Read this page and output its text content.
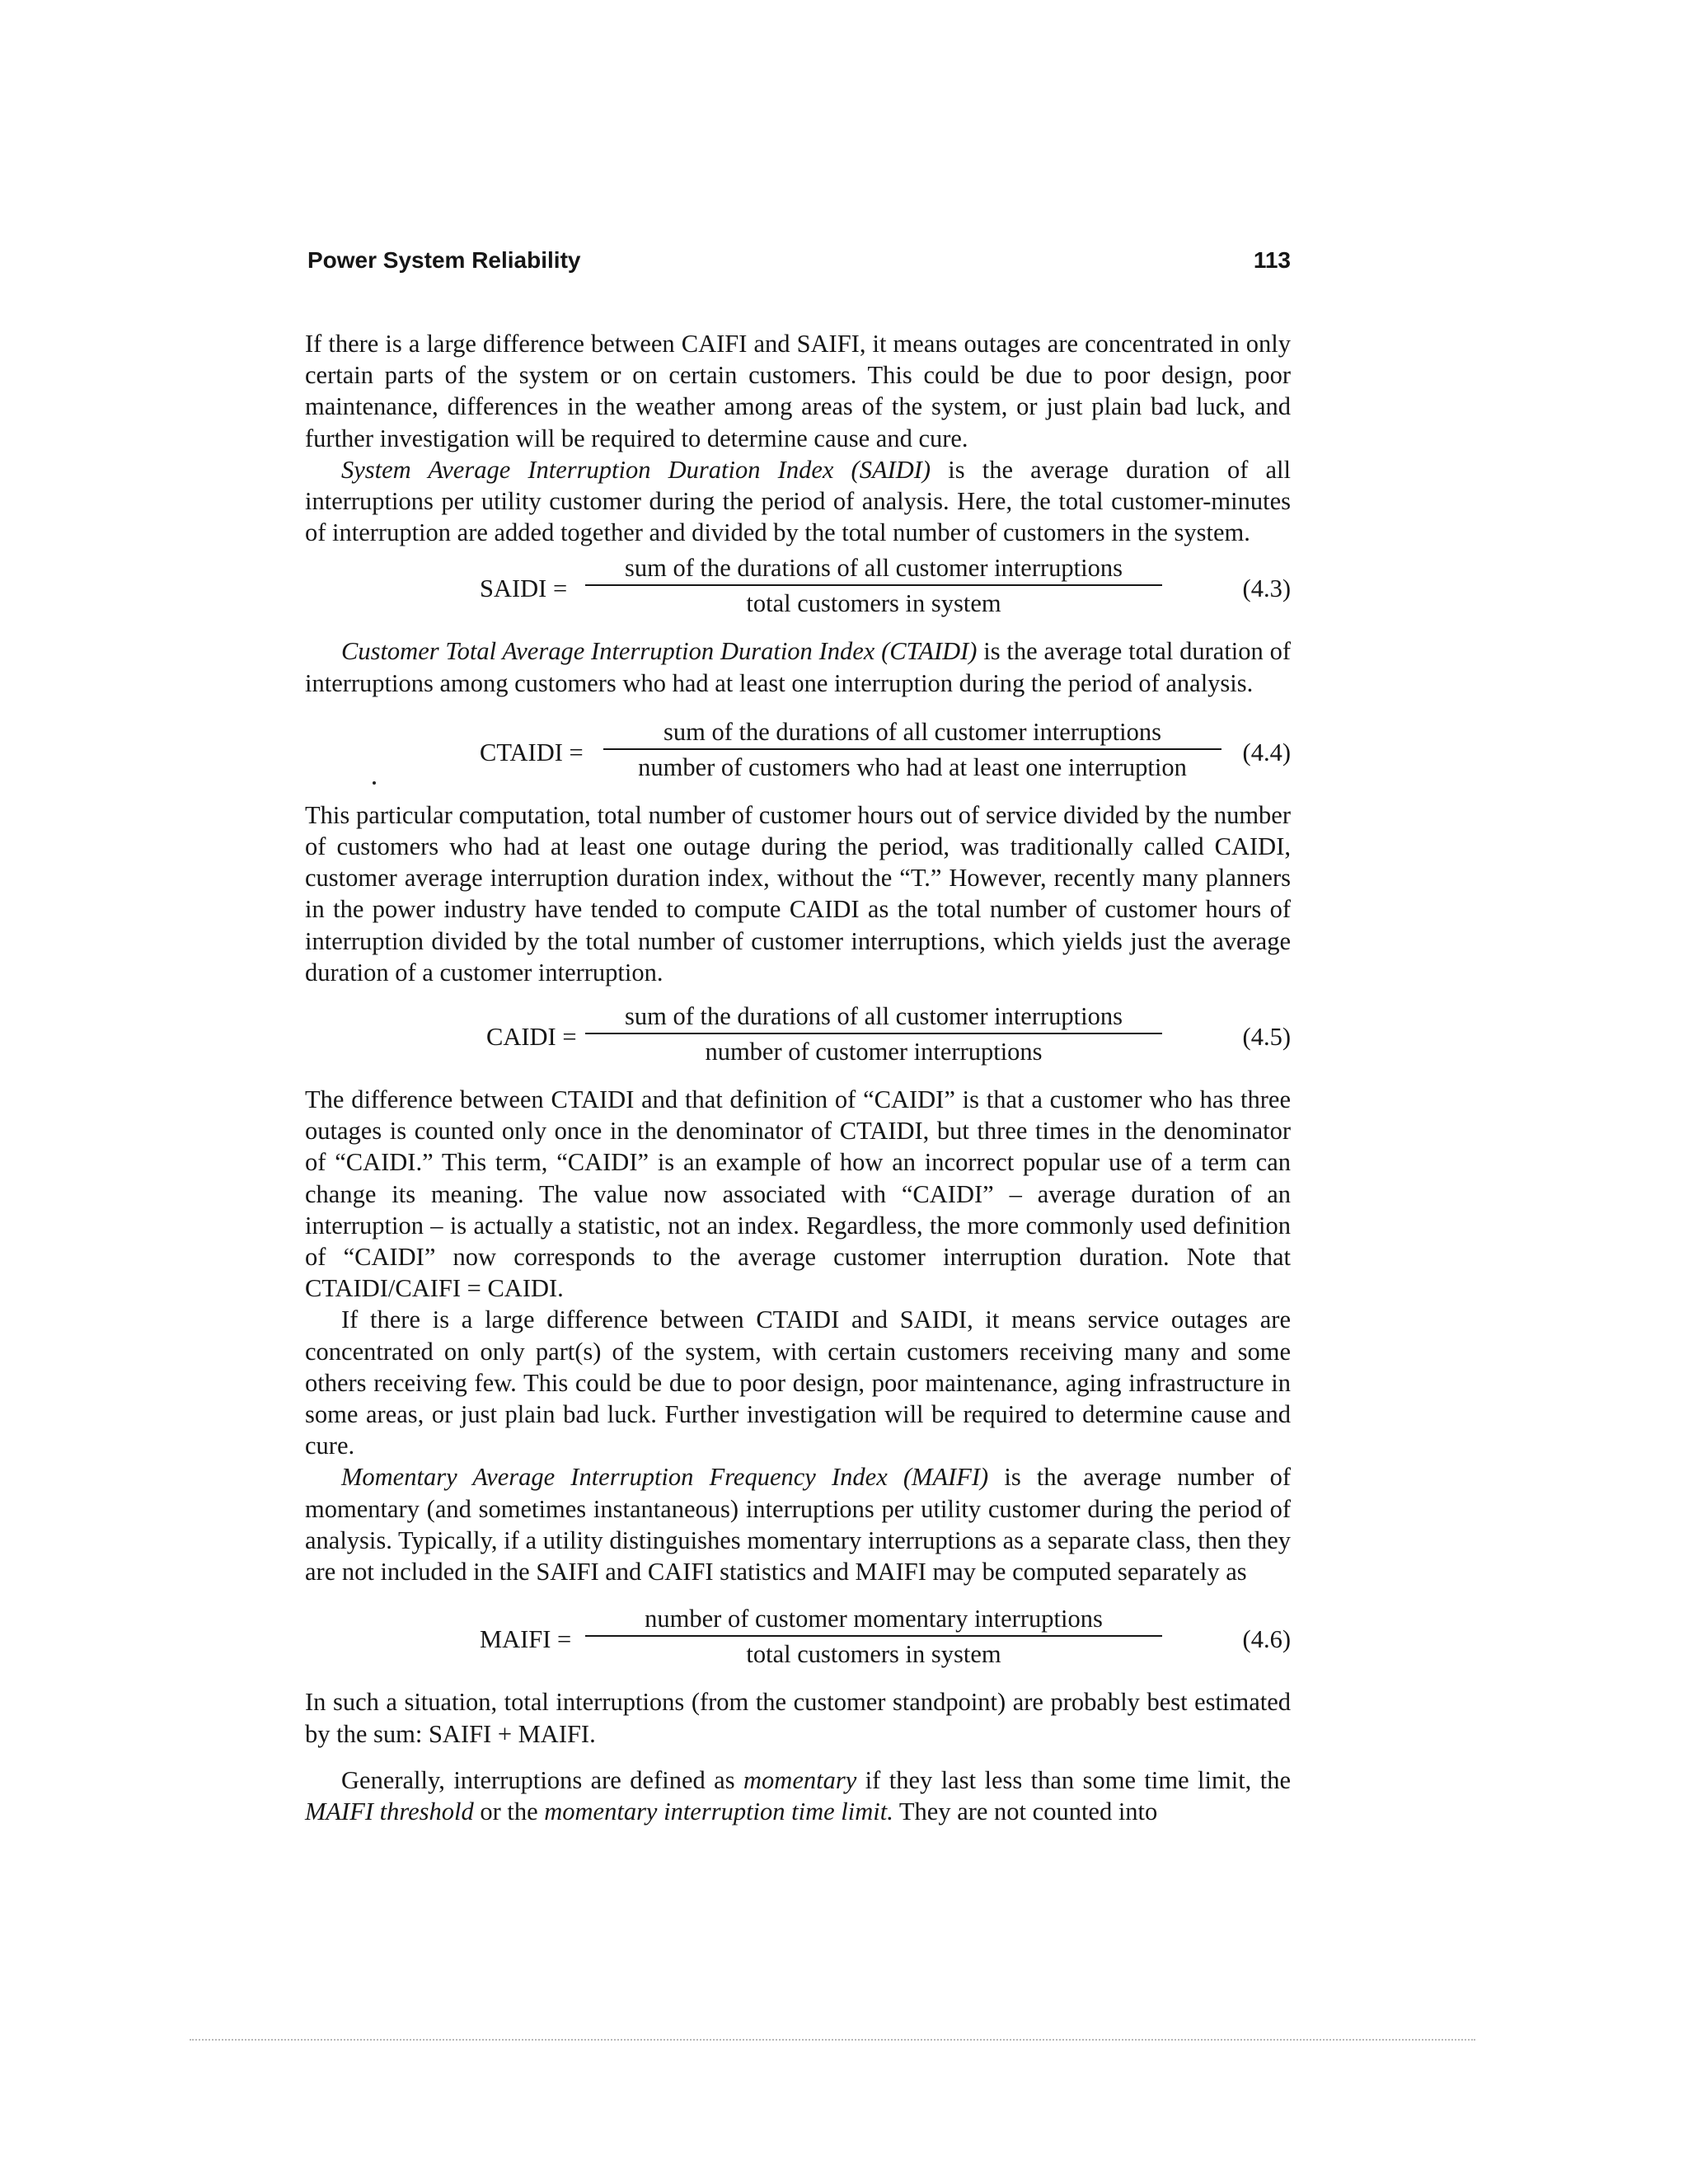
Power System Reliability	113

If there is a large difference between CAIFI and SAIFI, it means outages are concentrated in only certain parts of the system or on certain customers. This could be due to poor design, poor maintenance, differences in the weather among areas of the system, or just plain bad luck, and further investigation will be required to determine cause and cure.

System Average Interruption Duration Index (SAIDI) is the average duration of all interruptions per utility customer during the period of analysis. Here, the total customer-minutes of interruption are added together and divided by the total number of customers in the system.

SAIDI =
sum of the durations of all customer interruptions
total customers in system
(4.3)

Customer Total Average Interruption Duration Index (CTAIDI) is the average total duration of interruptions among customers who had at least one interruption during the period of analysis.

CTAIDI =
sum of the durations of all customer interruptions
number of customers who had at least one interruption
(4.4)

This particular computation, total number of customer hours out of service divided by the number of customers who had at least one outage during the period, was traditionally called CAIDI, customer average interruption duration index, without the “T.” However, recently many planners in the power industry have tended to compute CAIDI as the total number of customer hours of interruption divided by the total number of customer interruptions, which yields just the average duration of a customer interruption.

CAIDI =
sum of the durations of all customer interruptions
number of customer interruptions
(4.5)

The difference between CTAIDI and that definition of “CAIDI” is that a customer who has three outages is counted only once in the denominator of CTAIDI, but three times in the denominator of “CAIDI.” This term, “CAIDI” is an example of how an incorrect popular use of a term can change its meaning. The value now associated with “CAIDI” – average duration of an interruption – is actually a statistic, not an index. Regardless, the more commonly used definition of “CAIDI” now corresponds to the average customer interruption duration. Note that CTAIDI/CAIFI = CAIDI.

If there is a large difference between CTAIDI and SAIDI, it means service outages are concentrated on only part(s) of the system, with certain customers receiving many and some others receiving few. This could be due to poor design, poor maintenance, aging infrastructure in some areas, or just plain bad luck. Further investigation will be required to determine cause and cure.

Momentary Average Interruption Frequency Index (MAIFI) is the average number of momentary (and sometimes instantaneous) interruptions per utility customer during the period of analysis. Typically, if a utility distinguishes momentary interruptions as a separate class, then they are not included in the SAIFI and CAIFI statistics and MAIFI may be computed separately as

MAIFI =
number of customer momentary interruptions
total customers in system
(4.6)

In such a situation, total interruptions (from the customer standpoint) are probably best estimated by the sum: SAIFI + MAIFI.

Generally, interruptions are defined as momentary if they last less than some time limit, the MAIFI threshold or the momentary interruption time limit. They are not counted into
